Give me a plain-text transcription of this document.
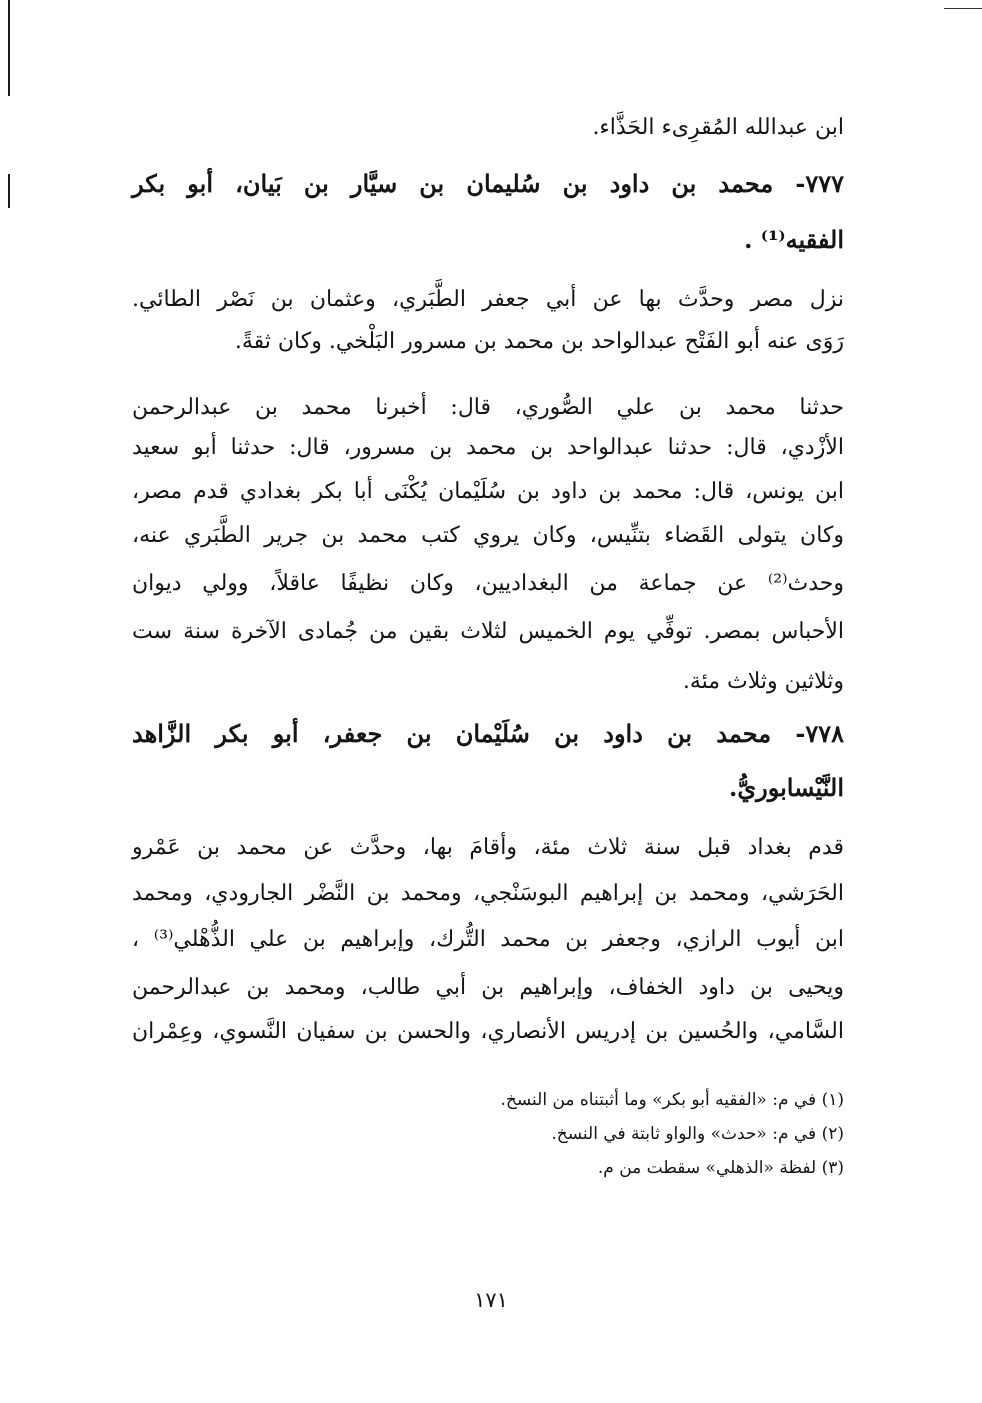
ابن عبدالله المُقرِىء الحَذَّاء.
٧٧٧- محمد بن داود بن سُليمان بن سيَّار بن بَيان، أبو بكر
الفقيه⁽¹⁾ .
نزل مصر وحدَّث بها عن أبي جعفر الطَّبَري، وعثمان بن نَصْر الطائي.
رَوَى عنه أبو الفَتْح عبدالواحد بن محمد بن مسرور البَلْخي. وكان ثقةً.
حدثنا محمد بن علي الصُّوري، قال: أخبرنا محمد بن عبدالرحمن
الأزْدي، قال: حدثنا عبدالواحد بن محمد بن مسرور، قال: حدثنا أبو سعيد
ابن يونس، قال: محمد بن داود بن سُلَيْمان يُكْنَى أبا بكر بغدادي قدم مصر،
وكان يتولى القَضاء بتنِّيس، وكان يروي كتب محمد بن جرير الطَّبَري عنه،
وحدث⁽²⁾ عن جماعة من البغداديين، وكان نظيفًا عاقلاً، وولي ديوان
الأحباس بمصر. توفِّي يوم الخميس لثلاث بقين من جُمادى الآخرة سنة ست
وثلاثين وثلاث مئة.
٧٧٨- محمد بن داود بن سُلَيْمان بن جعفر، أبو بكر الزَّاهد
النَّيْسابوريُّ.
قدم بغداد قبل سنة ثلاث مئة، وأقامَ بها، وحدَّث عن محمد بن عَمْرو
الحَرَشي، ومحمد بن إبراهيم البوسَنْجي، ومحمد بن النَّضْر الجارودي، ومحمد
ابن أيوب الرازي، وجعفر بن محمد التُّرك، وإبراهيم بن علي الذُّهْلي⁽³⁾ ،
ويحيى بن داود الخفاف، وإبراهيم بن أبي طالب، ومحمد بن عبدالرحمن
السَّامي، والحُسين بن إدريس الأنصاري، والحسن بن سفيان النَّسوي، وعِمْران
(١) في م: «الفقيه أبو بكر» وما أثبتناه من النسخ.
(٢) في م: «حدث» والواو ثابتة في النسخ.
(٣) لفظة «الذهلي» سقطت من م.
١٧١
